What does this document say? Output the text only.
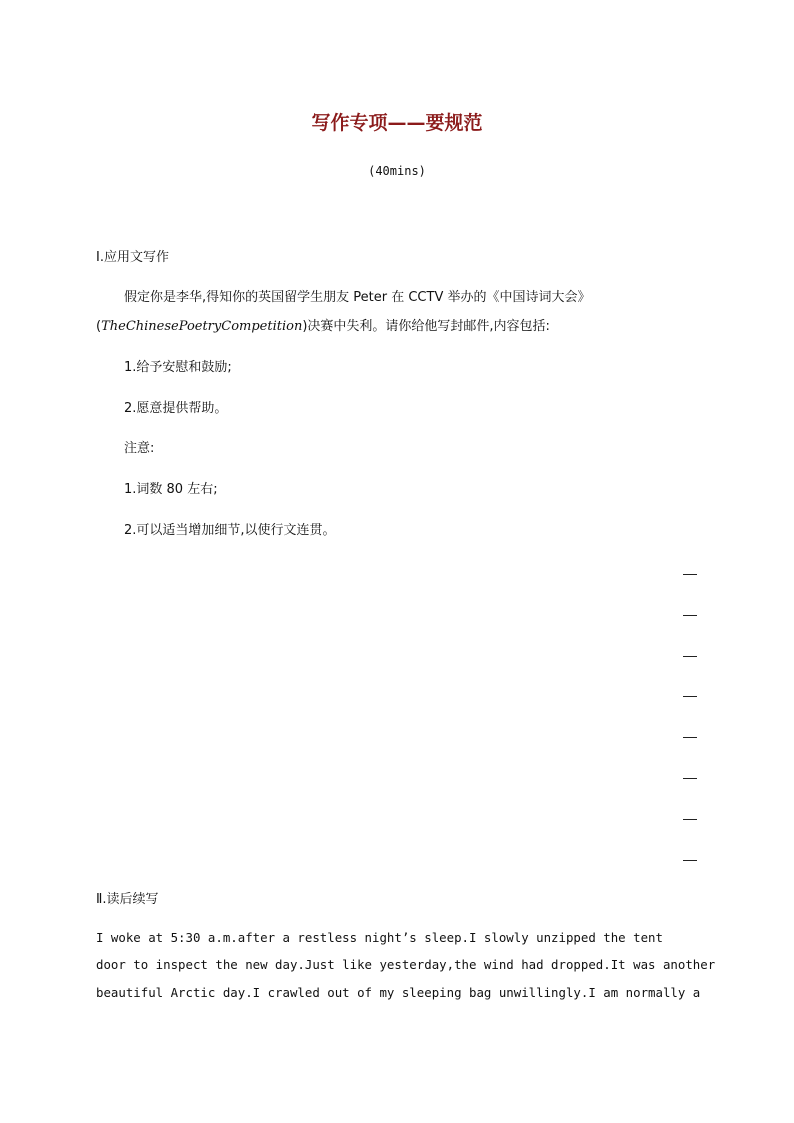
写作专项——要规范
(40mins)
Ⅰ.应用文写作
假定你是李华,得知你的英国留学生朋友 Peter 在 CCTV 举办的《中国诗词大会》
(TheChinesePoetryCompetition)决赛中失利。请你给他写封邮件,内容包括:
1.给予安慰和鼓励;
2.愿意提供帮助。
注意:
1.词数 80 左右;
2.可以适当增加细节,以使行文连贯。
Ⅱ.读后续写
I woke at 5:30 a.m.after a restless night’s sleep.I slowly unzipped the tent
door to inspect the new day.Just like yesterday,the wind had dropped.It was another
beautiful Arctic day.I crawled out of my sleeping bag unwillingly.I am normally a
